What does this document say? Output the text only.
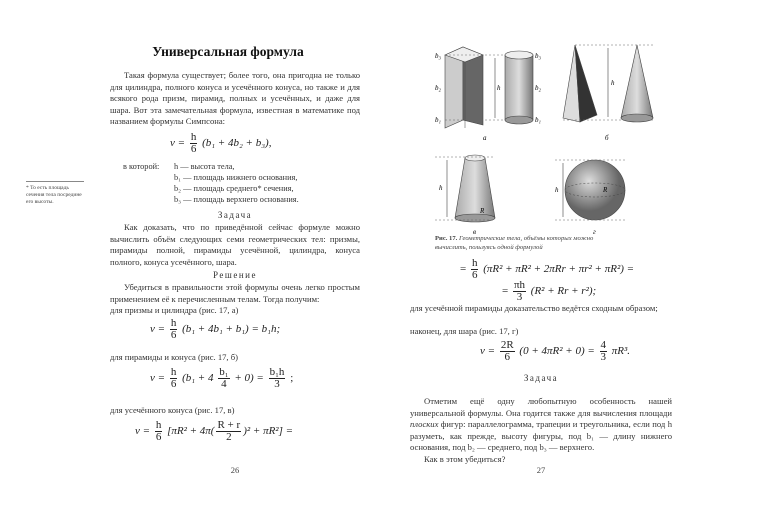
Универсальная формула
Такая формула существует; более того, она пригодна не только для цилиндра, полного конуса и усечённого конуса, но также и для всякого рода призм, пирамид, полных и усечённых, и даже для шара. Вот эта замечательная формула, известная в математике под названием формулы Симпсона:
$v = \frac{h}{6} (b_1 + 4b_2 + b_3)$,
в которой: h — высота тела,
b₁ — площадь нижнего основания,
b₂ — площадь среднего* сечения,
b₃ — площадь верхнего основания.
* То есть площадь сечения тела посредине его высоты.
Задача
Как доказать, что по приведённой сейчас формуле можно вычислить объём следующих семи геометрических тел: призмы, пирамиды полной, пирамиды усечённой, цилиндра, конуса полного, конуса усечённого, шара.
Решение
Убедиться в правильности этой формулы очень легко простым применением её к перечисленным телам. Тогда получим:
для призмы и цилиндра (рис. 17, а)
$v = \frac{h}{6} (b_1 + 4b_1 + b_1) = b_1h$;
для пирамиды и конуса (рис. 17, б)
$v = \frac{h}{6} (b_1 + 4 \frac{\text{b₁}}{4} + 0) = \frac{\text{b₁h}}{3}$ ;
для усечённого конуса (рис. 17, в)
$v = \frac{h}{6} [\pi R^2 + 4\pi( \frac{R + r}{2} )^2 + \pi R^2]$ =
26
b₃
b₂
b₁
h
b₃
b₂
b₁
а
h
б
h
R
в
h	R
г
Рис. 17. Геометрические тела, объёмы которых можно вычислить, пользуясь одной формулой
= $\frac{h}{6} (\pi R^2 + \pi R^2 + 2\pi Rr + \pi r^2 + \pi R^2)$ =
= $\frac{\pi h}{3} (R^2 + Rr + r^2)$;
для усечённой пирамиды доказательство ведётся сходным образом;
наконец, для шара (рис. 17, г)
$v = \frac{2R}{6} (0 + 4\pi R^2 + 0) = \frac{4}{3} \pi R^3$.
Задача
Отметим ещё одну любопытную особенность нашей универсальной формулы. Она годится также для вычисления площади плоских фигур: параллелограмма, трапеции и треугольника, если под h разуметь, как прежде, высоту фигуры, под b₁ — длину нижнего основания, под b₂ — среднего, под b₃ — верхнего.
Как в этом убедиться?
27
